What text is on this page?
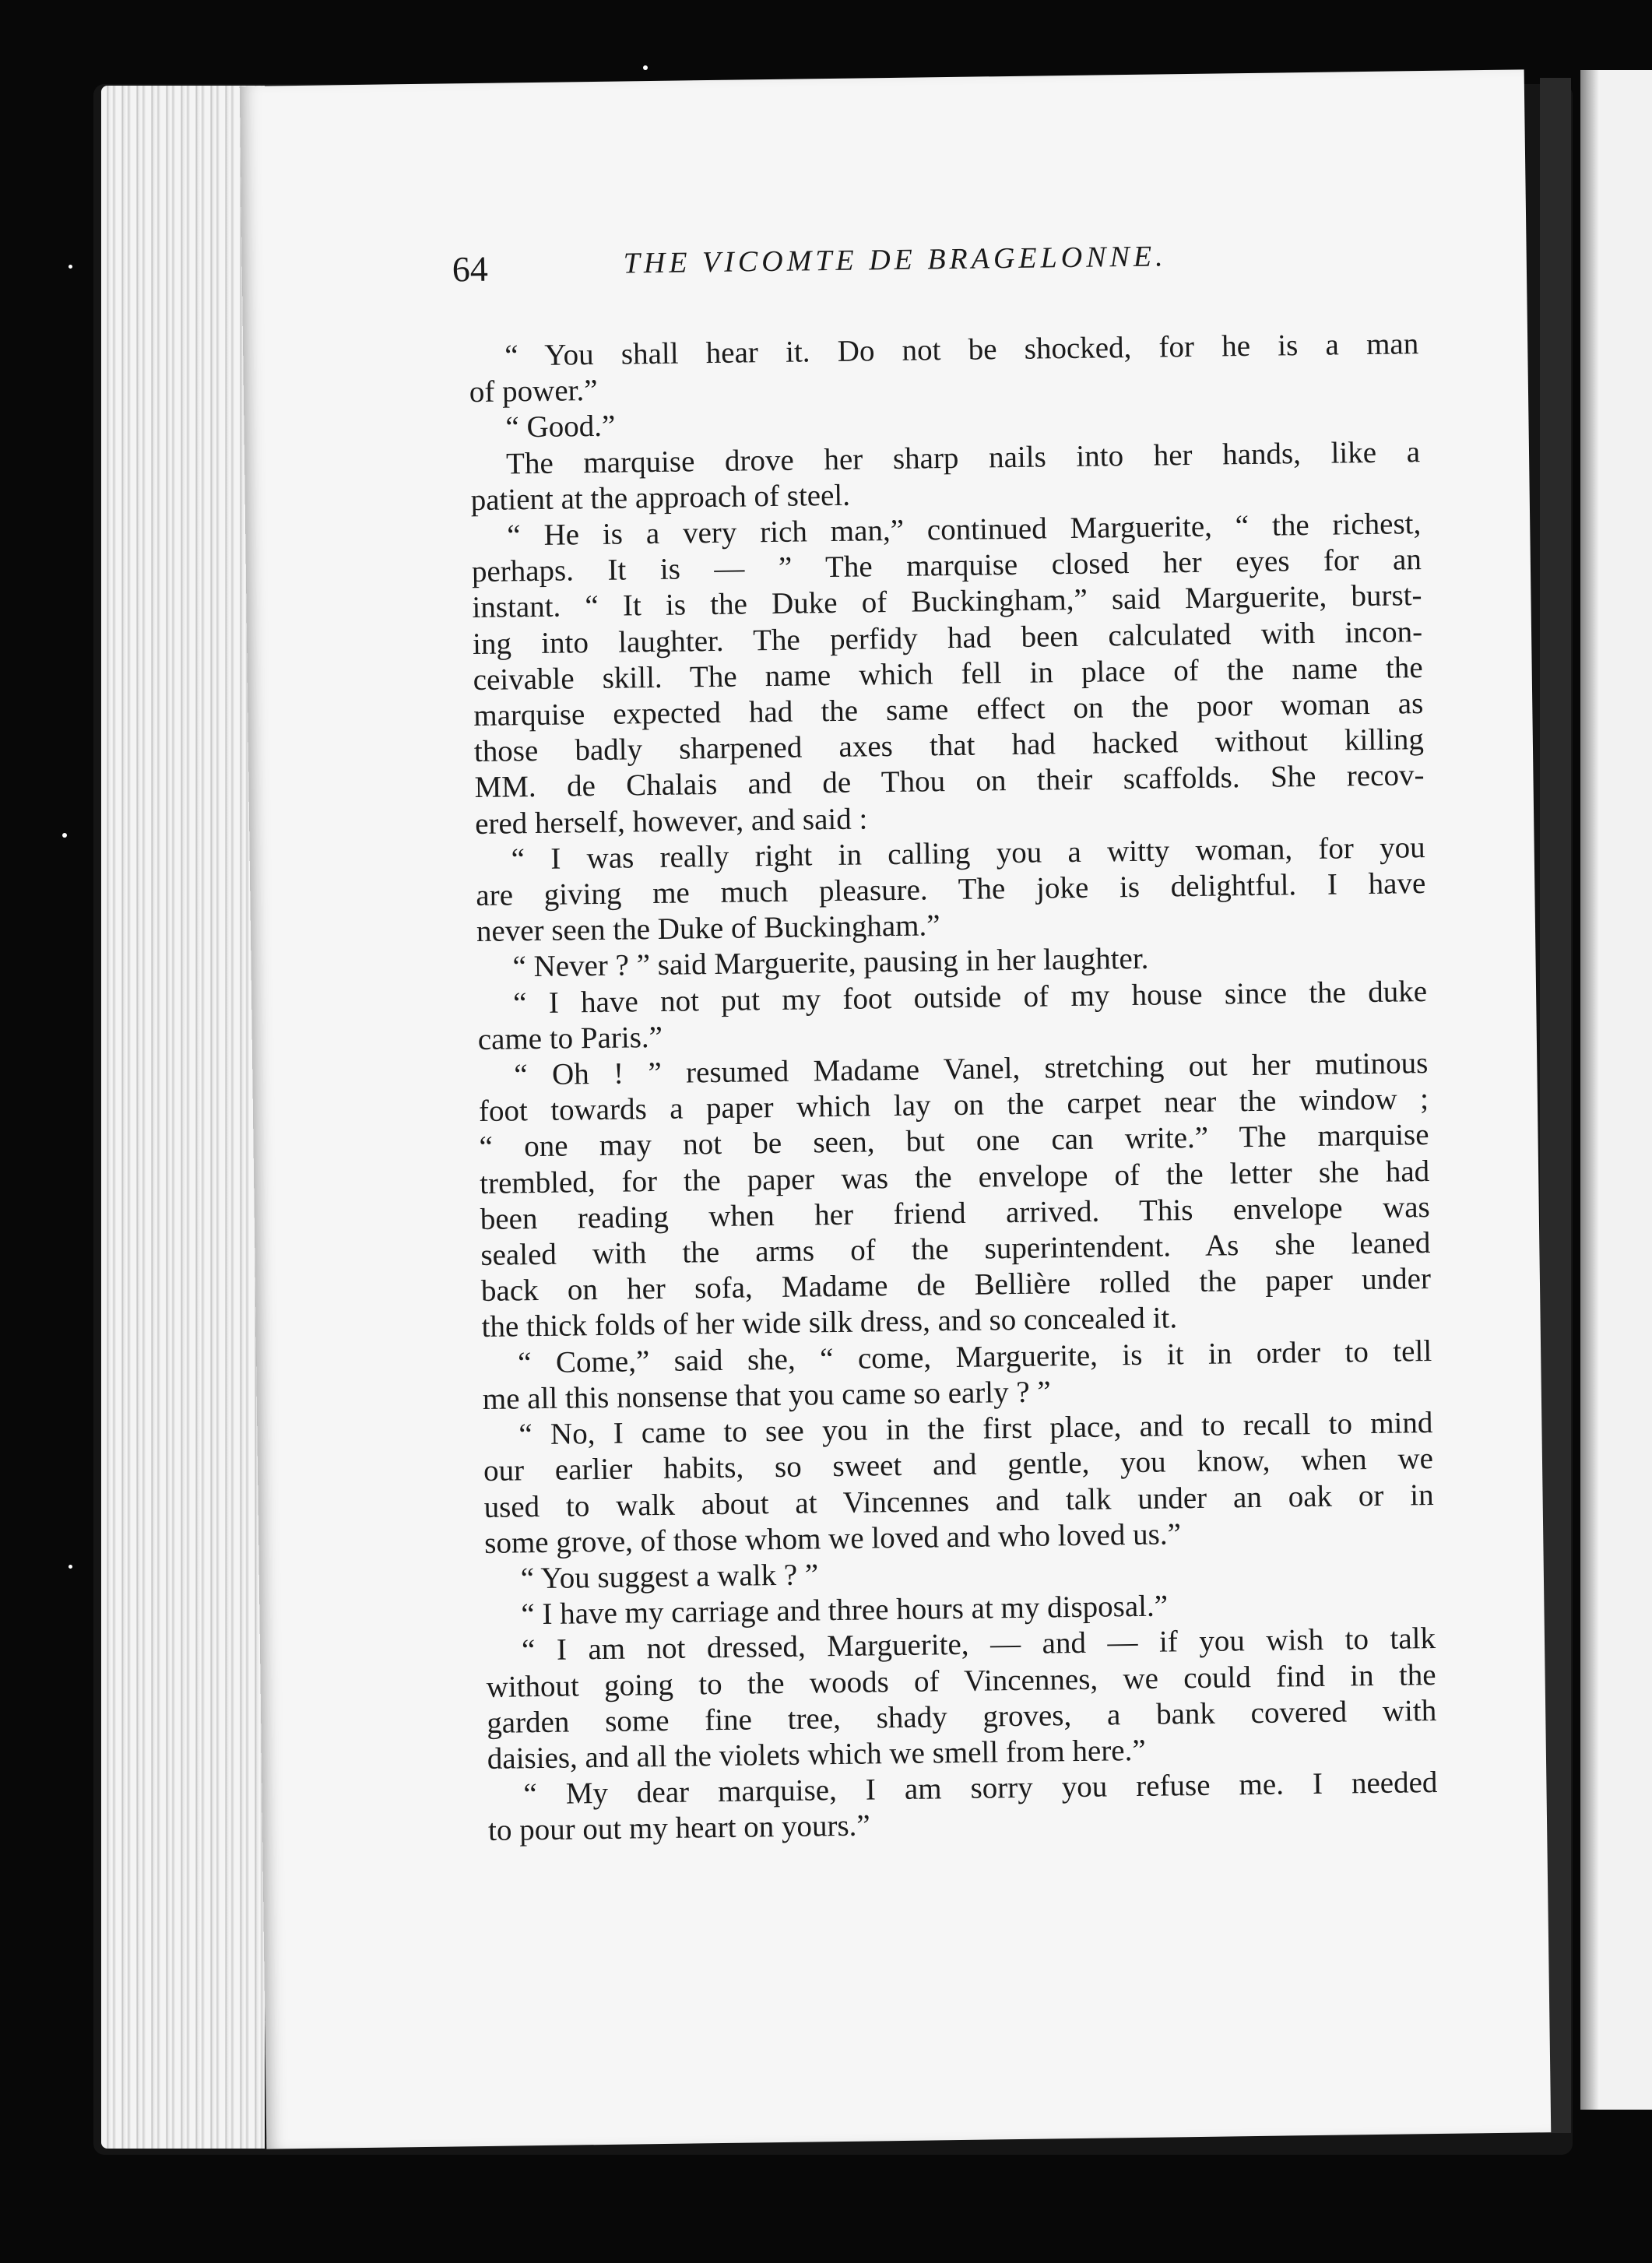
64	THE VICOMTE DE BRAGELONNE.
“ You shall hear it. Do not be shocked, for he is a man
of power.”
“ Good.”
The marquise drove her sharp nails into her hands, like a
patient at the approach of steel.
“ He is a very rich man,” continued Marguerite, “ the richest,
perhaps. It is — ” The marquise closed her eyes for an
instant. “ It is the Duke of Buckingham,” said Marguerite, burst-
ing into laughter. The perfidy had been calculated with incon-
ceivable skill. The name which fell in place of the name the
marquise expected had the same effect on the poor woman as
those badly sharpened axes that had hacked without killing
MM. de Chalais and de Thou on their scaffolds. She recov-
ered herself, however, and said :
“ I was really right in calling you a witty woman, for you
are giving me much pleasure. The joke is delightful. I have
never seen the Duke of Buckingham.”
“ Never ? ” said Marguerite, pausing in her laughter.
“ I have not put my foot outside of my house since the duke
came to Paris.”
“ Oh ! ” resumed Madame Vanel, stretching out her mutinous
foot towards a paper which lay on the carpet near the window ;
“ one may not be seen, but one can write.” The marquise
trembled, for the paper was the envelope of the letter she had
been reading when her friend arrived. This envelope was
sealed with the arms of the superintendent. As she leaned
back on her sofa, Madame de Bellière rolled the paper under
the thick folds of her wide silk dress, and so concealed it.
“ Come,” said she, “ come, Marguerite, is it in order to tell
me all this nonsense that you came so early ? ”
“ No, I came to see you in the first place, and to recall to mind
our earlier habits, so sweet and gentle, you know, when we
used to walk about at Vincennes and talk under an oak or in
some grove, of those whom we loved and who loved us.”
“ You suggest a walk ? ”
“ I have my carriage and three hours at my disposal.”
“ I am not dressed, Marguerite, — and — if you wish to talk
without going to the woods of Vincennes, we could find in the
garden some fine tree, shady groves, a bank covered with
daisies, and all the violets which we smell from here.”
“ My dear marquise, I am sorry you refuse me. I needed
to pour out my heart on yours.”
